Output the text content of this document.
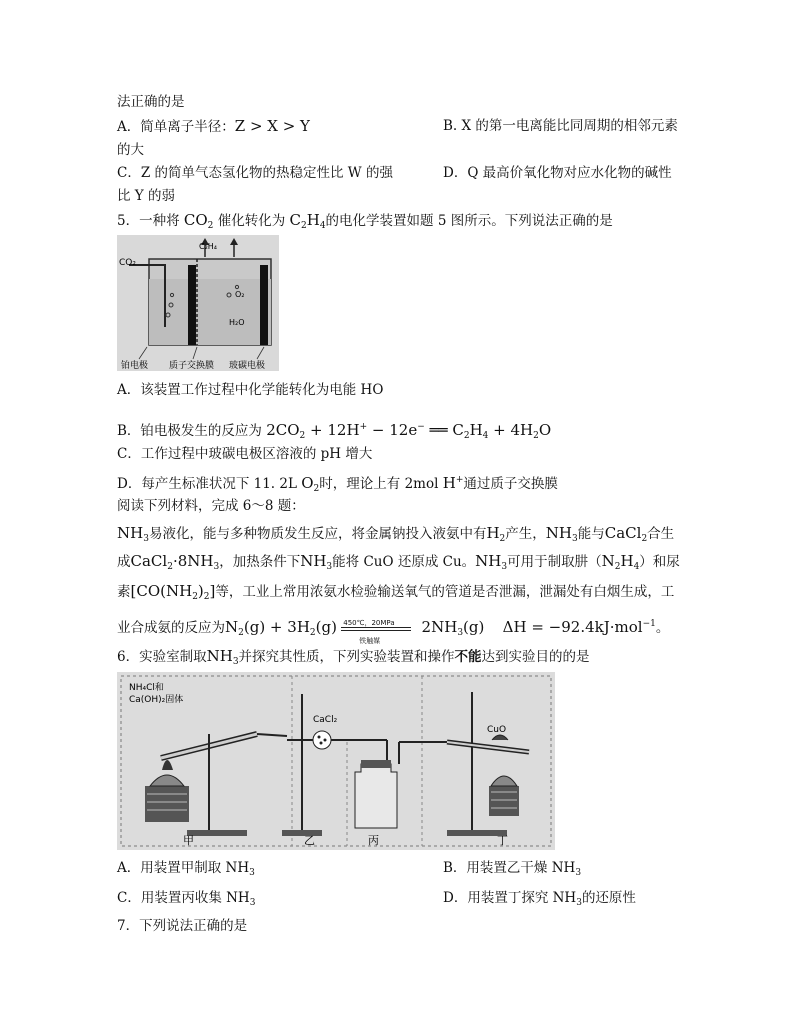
法正确的是
A．简单离子半径：Z > X > Y	B. X 的第一电离能比同周期的相邻元素
的大
C．Z 的简单气态氢化物的热稳定性比 W 的强	D．Q 最高价氧化物对应水化物的碱性
比 Y 的弱
5．一种将 $CO_2$ 催化转化为 $C_2H_4$的电化学装置如题 5 图所示。下列说法正确的是
CO₂
C₂H₄
O₂
H₂O
铂电极 质子交换膜 玻碳电极
A．该装置工作过程中化学能转化为电能 HO
B．铂电极发生的反应为 $2CO_2 + 12H^+ - 12e^-$ ══ $C_2H_4 + 4H_2O$
C．工作过程中玻碳电极区溶液的 pH 增大
D．每产生标准状况下 11. 2L $O_2$时，理论上有 2mol H+通过质子交换膜
阅读下列材料，完成 6～8 题：
$NH_3$易液化，能与多种物质发生反应，将金属钠投入液氨中有$H_2$产生，$NH_3$能与CaCl$_2$合生
成$CaCl_2\cdot 8NH_3$，加热条件下$NH_3$能将 CuO 还原成 Cu。$NH_3$可用于制取肼$(N_2H_4)$和尿
素$[CO(NH_2)_2]$等，工业上常用浓氨水检验输送氧气的管道是否泄漏，泄漏处有白烟生成，工
业合成氨的反应为$N_2(g) + 3H_2(g)$ 450℃，20MPa
铁触媒
$2NH_3(g) \Delta H = -92.4kJ\cdot mol^{-1}$。
6．实验室制取$NH_3$并探究其性质，下列实验装置和操作不能达到实验目的的是
NH₄Cl和
Ca(OH)₂固体
CaCl₂
CuO
甲	乙	丙	丁
A．用装置甲制取 $NH_3$	B．用装置乙干燥 $NH_3$
C．用装置丙收集 $NH_3$	D．用装置丁探究 $NH_3$的还原性
7．下列说法正确的是
